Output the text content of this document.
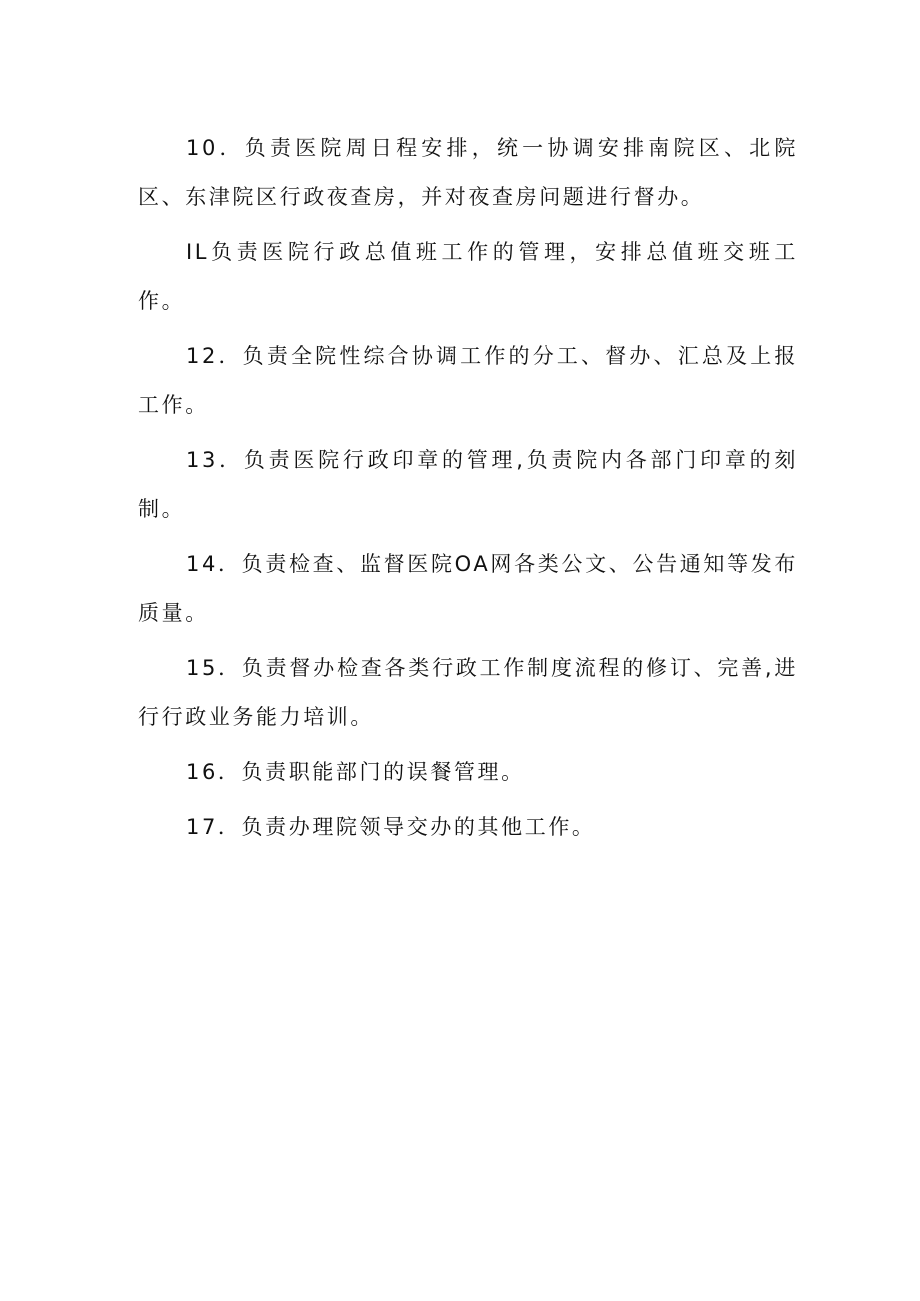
10．负责医院周日程安排，统一协调安排南院区、北院区、东津院区行政夜查房，并对夜查房问题进行督办。

IL负责医院行政总值班工作的管理，安排总值班交班工作。

12．负责全院性综合协调工作的分工、督办、汇总及上报工作。

13．负责医院行政印章的管理,负责院内各部门印章的刻制。

14．负责检查、监督医院OA网各类公文、公告通知等发布质量。

15．负责督办检查各类行政工作制度流程的修订、完善,进行行政业务能力培训。

16．负责职能部门的误餐管理。

17．负责办理院领导交办的其他工作。
